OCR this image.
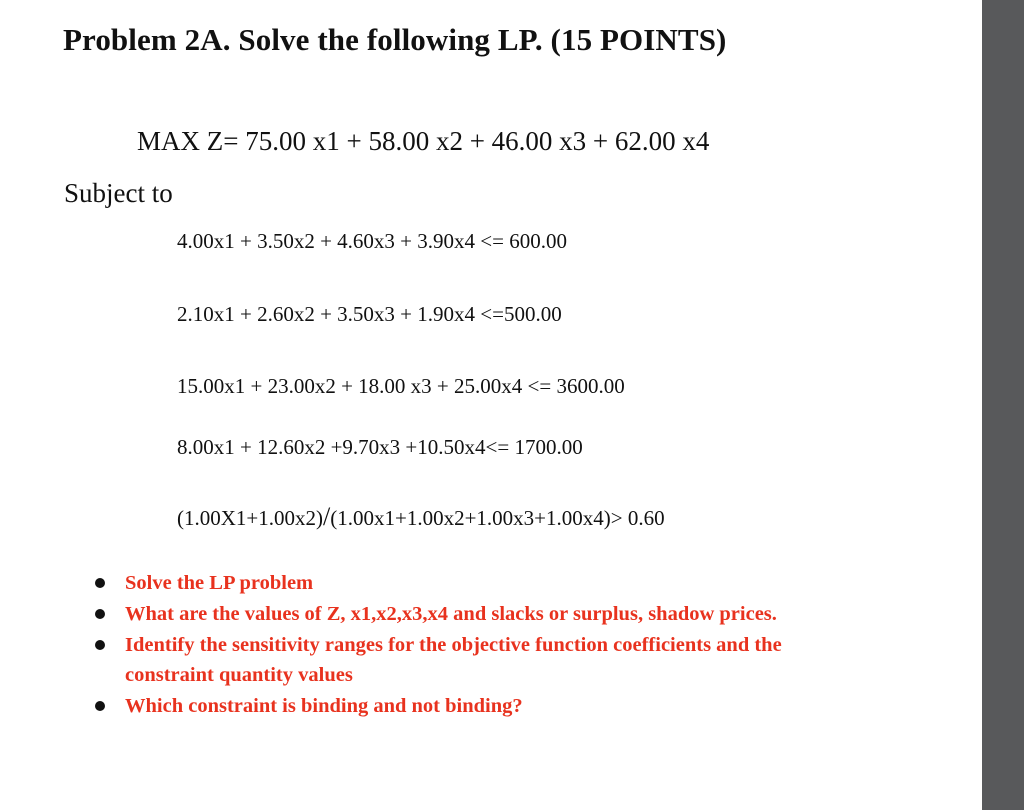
Problem 2A. Solve the following LP. (15 POINTS)
MAX Z= 75.00 x1 + 58.00 x2 + 46.00 x3 + 62.00 x4
Subject to
4.00x1 + 3.50x2 + 4.60x3 + 3.90x4 <= 600.00
2.10x1 + 2.60x2 + 3.50x3 + 1.90x4 <=500.00
15.00x1 + 23.00x2 + 18.00 x3 + 25.00x4 <= 3600.00
8.00x1 + 12.60x2 +9.70x3 +10.50x4<= 1700.00
(1.00X1+1.00x2)/(1.00x1+1.00x2+1.00x3+1.00x4)> 0.60
Solve the LP problem
What are the values of Z, x1,x2,x3,x4 and slacks or surplus, shadow prices.
Identify the sensitivity ranges for the objective function coefficients and the constraint quantity values
Which constraint is binding and not binding?
